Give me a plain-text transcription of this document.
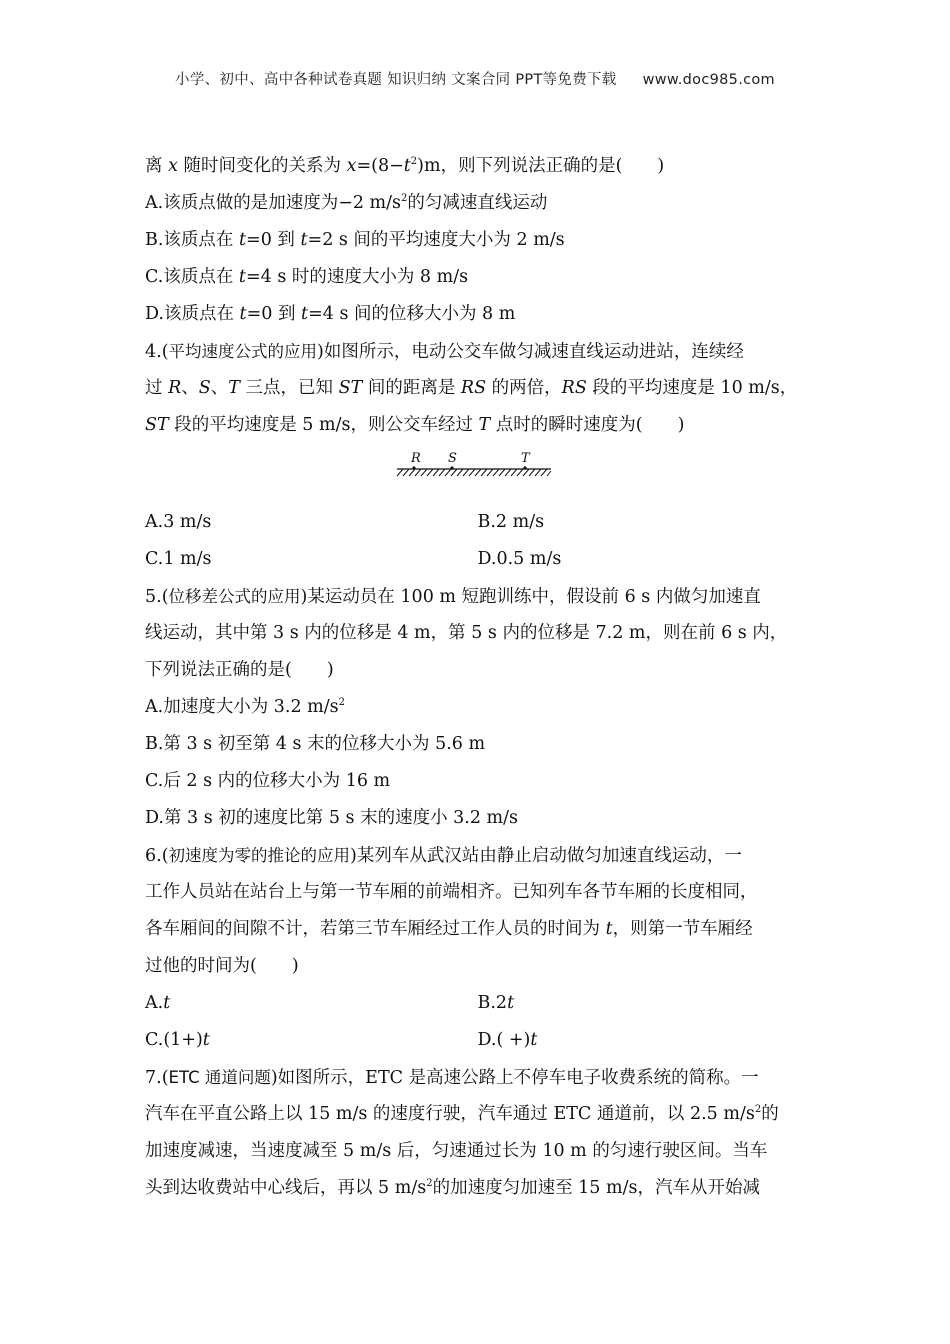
小学、初中、高中各种试卷真题 知识归纳 文案合同 PPT等免费下载 www.doc985.com
离 x 随时间变化的关系为 $x=(8-t^2)m$，则下列说法正确的是(　　)
A.该质点做的是加速度为−2 $m/s^2$的匀减速直线运动
B.该质点在 t=0 到 t=2 s 间的平均速度大小为 2 m/s
C.该质点在 t=4 s 时的速度大小为 8 m/s
D.该质点在 t=0 到 t=4 s 间的位移大小为 8 m
4.(平均速度公式的应用)如图所示，电动公交车做匀减速直线运动进站，连续经
过 R、S、T 三点，已知 ST 间的距离是 RS 的两倍，RS 段的平均速度是 10 m/s，
ST 段的平均速度是 5 m/s，则公交车经过 T 点时的瞬时速度为(　　)
R S	T
A.3 m/s	B.2 m/s
C.1 m/s	D.0.5 m/s
5.(位移差公式的应用)某运动员在 100 m 短跑训练中，假设前 6 s 内做匀加速直
线运动，其中第 3 s 内的位移是 4 m，第 5 s 内的位移是 7.2 m，则在前 6 s 内，
下列说法正确的是(　　)
A.加速度大小为 3.2 $m/s^2$
B.第 3 s 初至第 4 s 末的位移大小为 5.6 m
C.后 2 s 内的位移大小为 16 m
D.第 3 s 初的速度比第 5 s 末的速度小 3.2 m/s
6.(初速度为零的推论的应用)某列车从武汉站由静止启动做匀加速直线运动，一
工作人员站在站台上与第一节车厢的前端相齐。已知列车各节车厢的长度相同，
各车厢间的间隙不计，若第三节车厢经过工作人员的时间为 t，则第一节车厢经
过他的时间为(　　)
A.t	B.2t
C.(1+)t	D.( +)t
7.(ETC 通道问题)如图所示，ETC 是高速公路上不停车电子收费系统的简称。一
汽车在平直公路上以 15 m/s 的速度行驶，汽车通过 ETC 通道前，以 2.5 $m/s^2$的
加速度减速，当速度减至 5 m/s 后，匀速通过长为 10 m 的匀速行驶区间。当车
头到达收费站中心线后，再以 5 $m/s^2$的加速度匀加速至 15 m/s，汽车从开始减
